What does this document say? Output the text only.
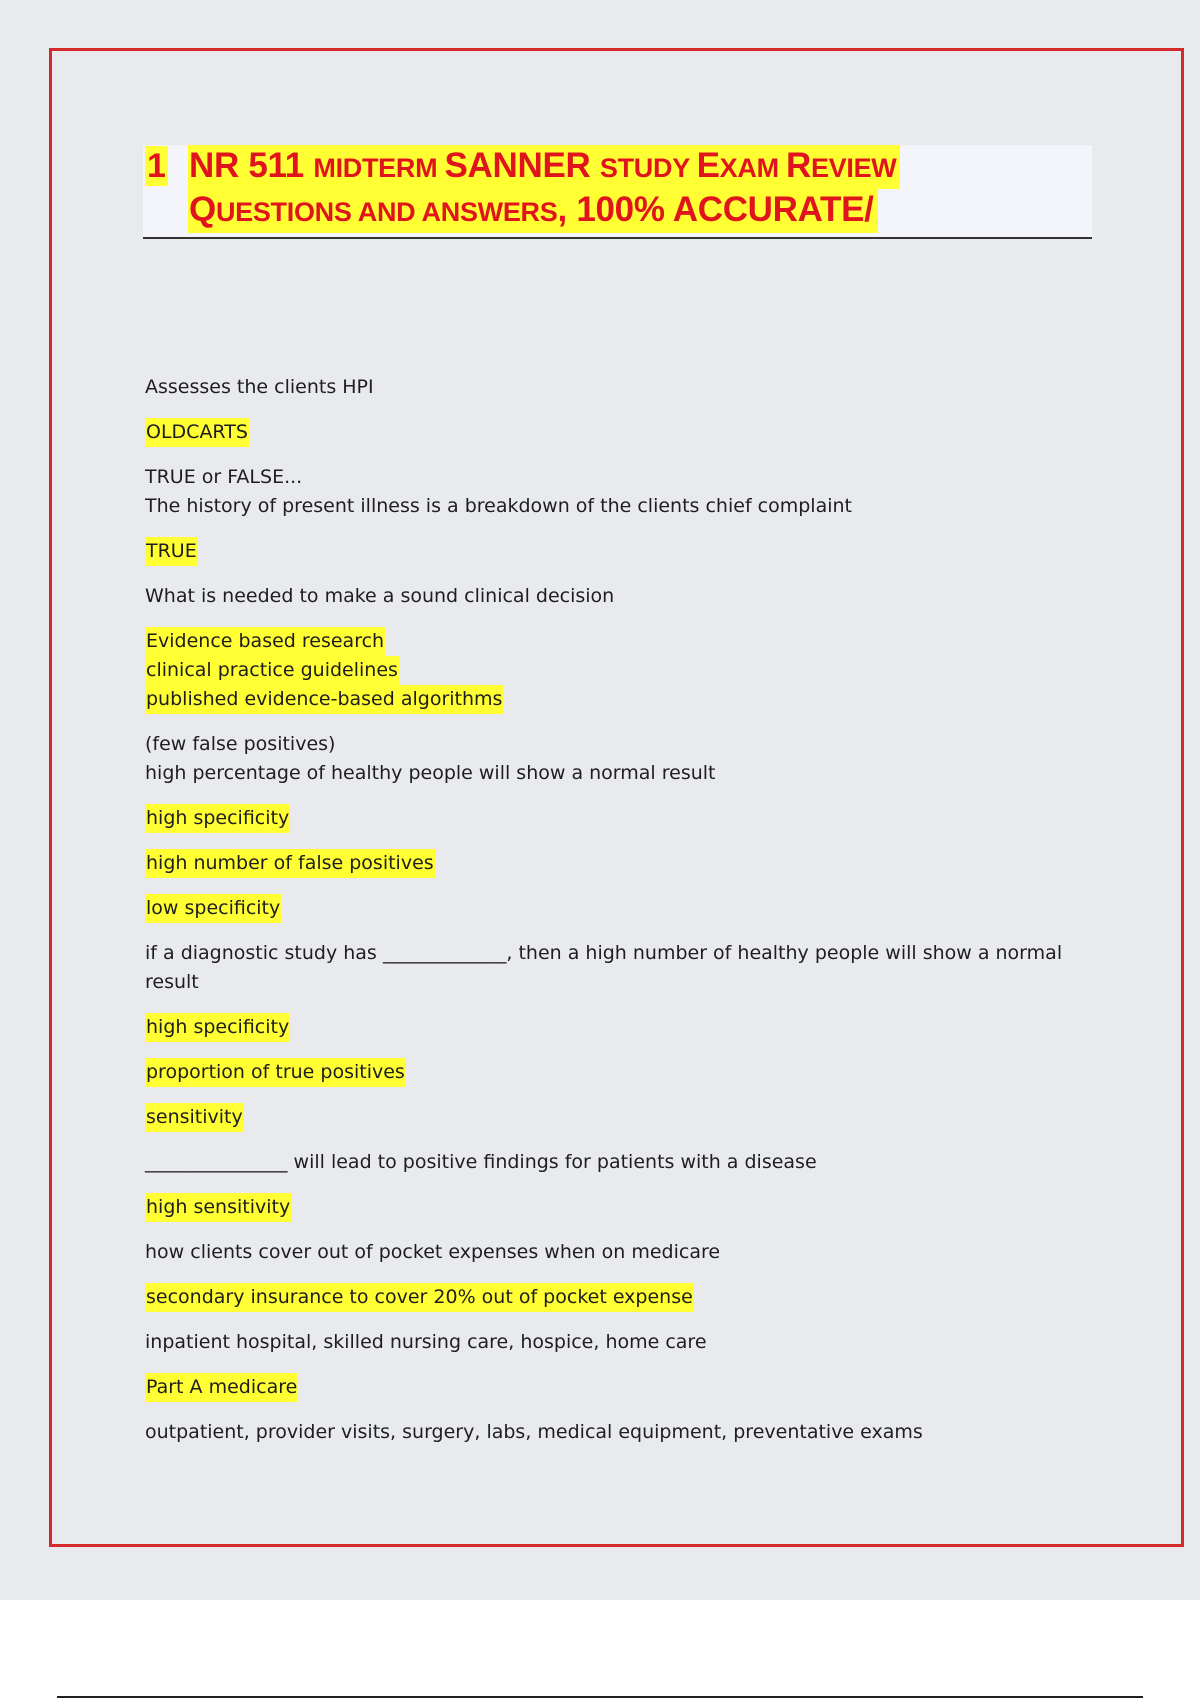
1 NR 511 MIDTERM SANNER STUDY EXAM REVIEW
QUESTIONS AND ANSWERS, 100% ACCURATE/
Assesses the clients HPI
OLDCARTS
TRUE or FALSE...
The history of present illness is a breakdown of the clients chief complaint
TRUE
What is needed to make a sound clinical decision
Evidence based research
clinical practice guidelines
published evidence-based algorithms
(few false positives)
high percentage of healthy people will show a normal result
high specificity
high number of false positives
low specificity
if a diagnostic study has _____________, then a high number of healthy people will show a normal result
high specificity
proportion of true positives
sensitivity
_______________ will lead to positive findings for patients with a disease
high sensitivity
how clients cover out of pocket expenses when on medicare
secondary insurance to cover 20% out of pocket expense
inpatient hospital, skilled nursing care, hospice, home care
Part A medicare
outpatient, provider visits, surgery, labs, medical equipment, preventative exams
